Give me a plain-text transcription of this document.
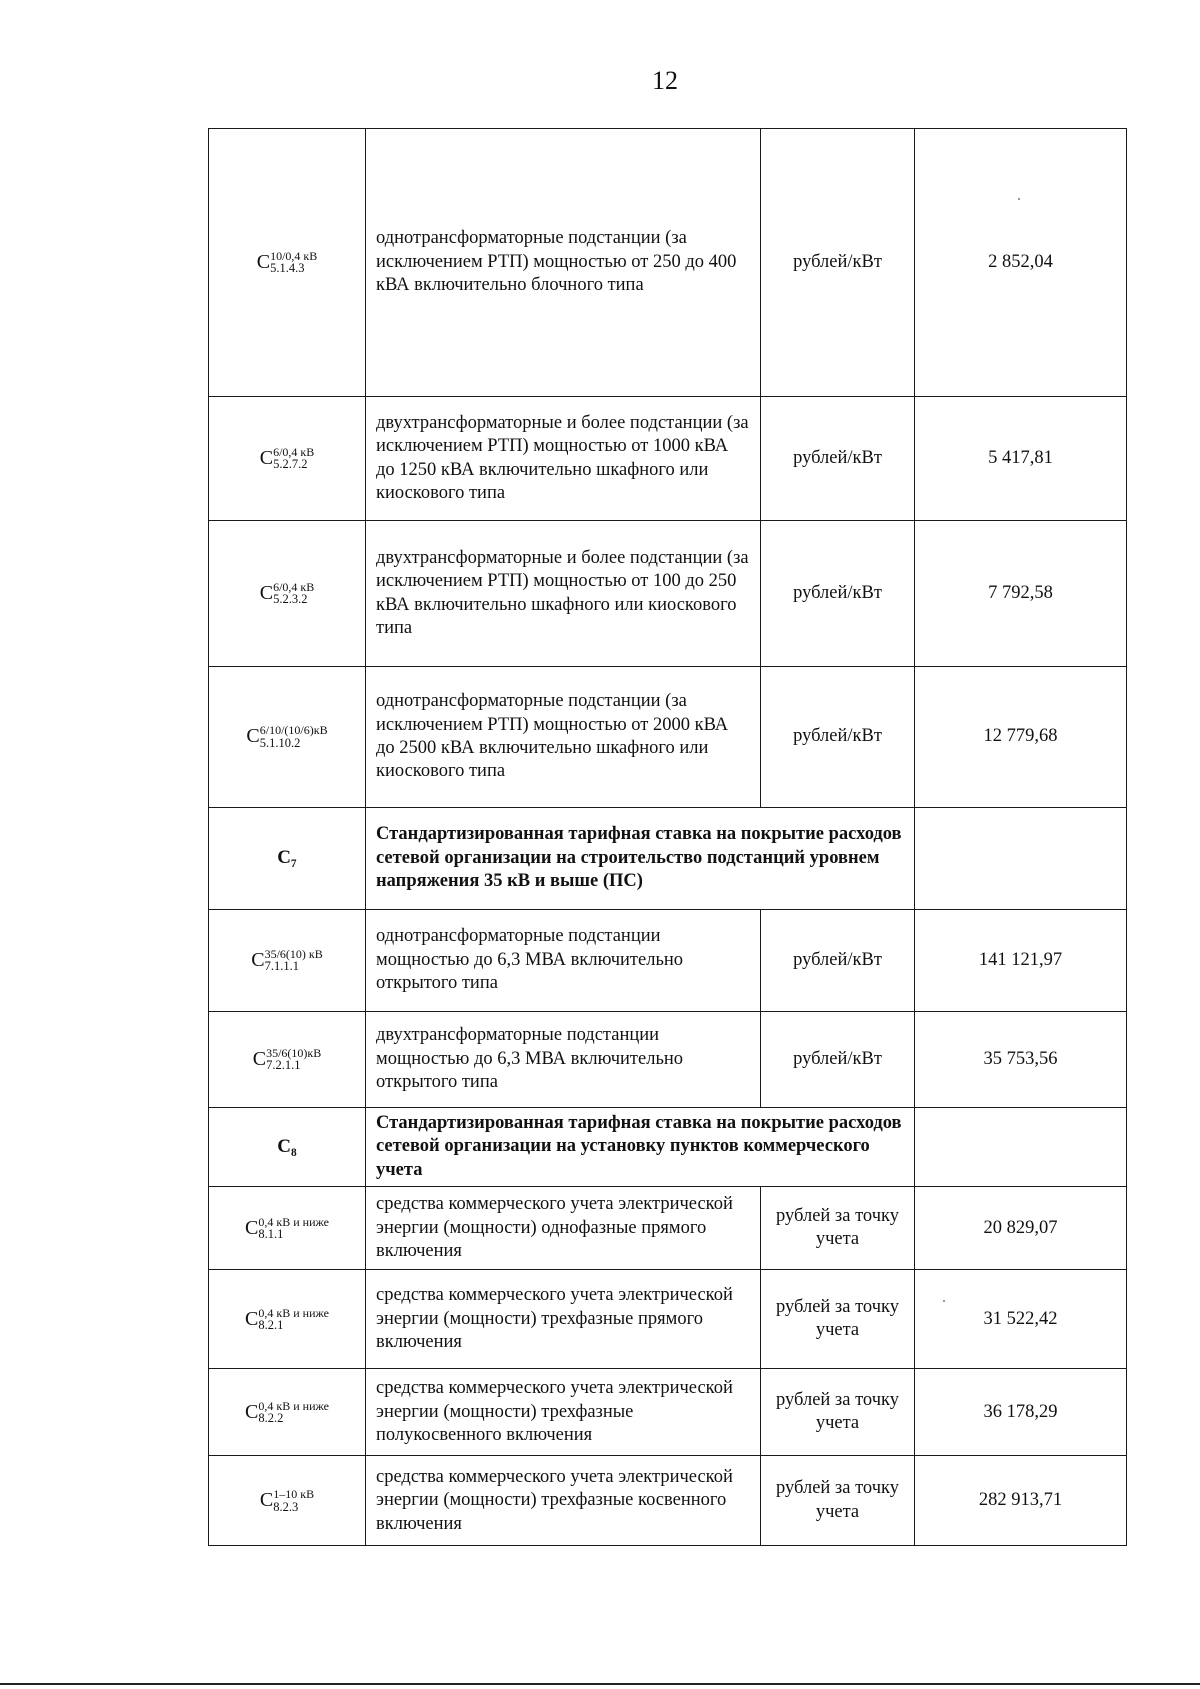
12
C 10/0,4 кВ
5.1.4.3	однотрансформаторные подстанции (за исключением РТП) мощностью от 250 до 400 кВА включительно блочного типа	рублей/кВт	2 852,04
C 6/0,4 кВ
5.2.7.2	двухтрансформаторные и более подстанции (за исключением РТП) мощностью от 1000 кВА до 1250 кВА включительно шкафного или киоскового типа	рублей/кВт	5 417,81
C 6/0,4 кВ
5.2.3.2	двухтрансформаторные и более подстанции (за исключением РТП) мощностью от 100 до 250 кВА включительно шкафного или киоскового типа	рублей/кВт	7 792,58
C 6/10/(10/6)кВ
5.1.10.2	однотрансформаторные подстанции (за исключением РТП) мощностью от 2000 кВА до 2500 кВА включительно шкафного или киоскового типа	рублей/кВт	12 779,68
C₇	Стандартизированная тарифная ставка на покрытие расходов сетевой организации на строительство подстанций уровнем напряжения 35 кВ и выше (ПС)		
C 35/6(10) кВ
7.1.1.1	однотрансформаторные подстанции мощностью до 6,3 МВА включительно открытого типа	рублей/кВт	141 121,97
C 35/6(10)кВ
7.2.1.1	двухтрансформаторные подстанции мощностью до 6,3 МВА включительно открытого типа	рублей/кВт	35 753,56
C₈	Стандартизированная тарифная ставка на покрытие расходов сетевой организации на установку пунктов коммерческого учета		
C 0,4 кВ и ниже
8.1.1	средства коммерческого учета электрической энергии (мощности) однофазные прямого включения	рублей за точку учета	20 829,07
C 0,4 кВ и ниже
8.2.1	средства коммерческого учета электрической энергии (мощности) трехфазные прямого включения	рублей за точку учета	31 522,42
C 0,4 кВ и ниже
8.2.2	средства коммерческого учета электрической энергии (мощности) трехфазные полукосвенного включения	рублей за точку учета	36 178,29
C 1–10 кВ
8.2.3	средства коммерческого учета электрической энергии (мощности) трехфазные косвенного включения	рублей за точку учета	282 913,71
